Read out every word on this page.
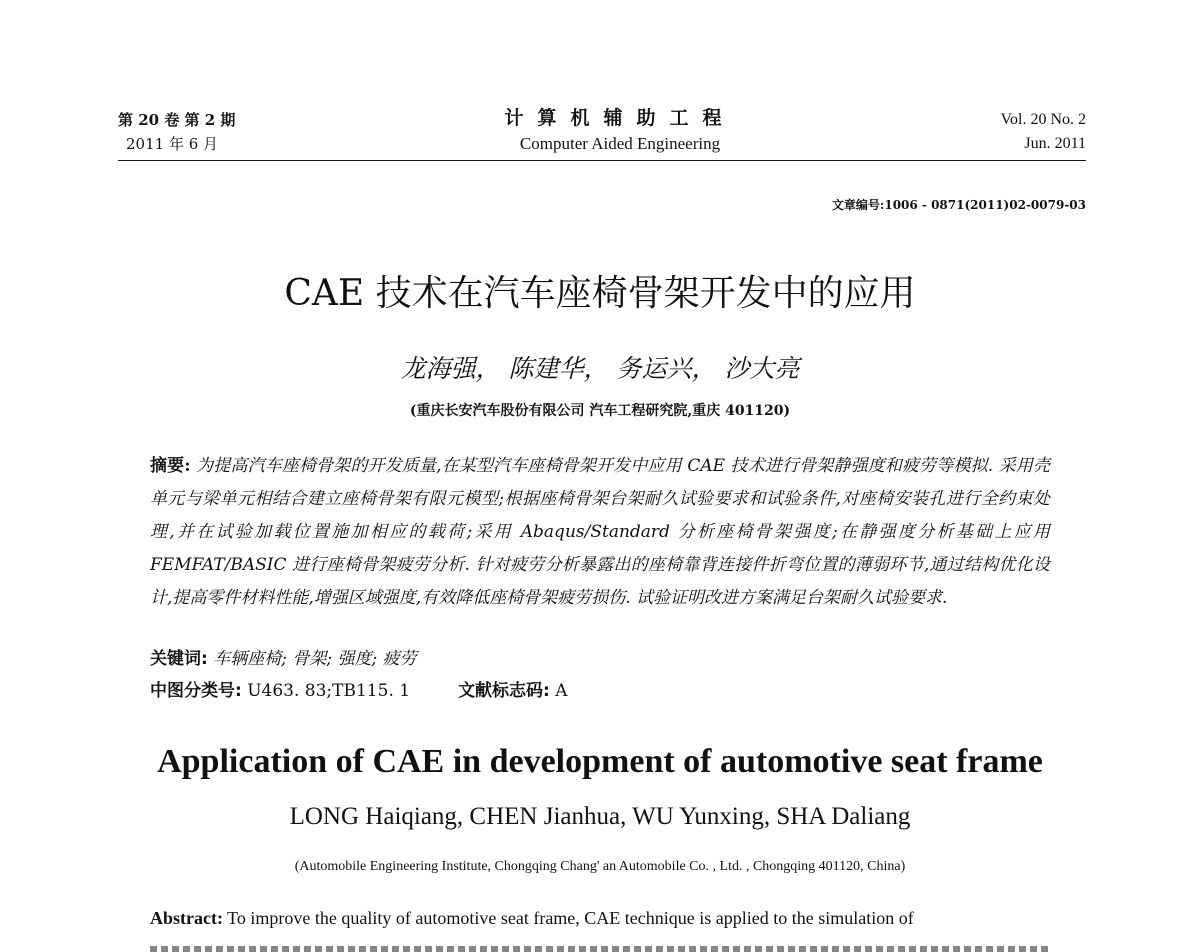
第 20 卷 第 2 期
2011 年 6 月
计算机辅助工程
Computer Aided Engineering
Vol. 20 No. 2
Jun. 2011
文章编号:1006 - 0871(2011)02-0079-03
CAE 技术在汽车座椅骨架开发中的应用
龙海强， 陈建华， 务运兴， 沙大亮
(重庆长安汽车股份有限公司 汽车工程研究院,重庆 401120)
摘要: 为提高汽车座椅骨架的开发质量,在某型汽车座椅骨架开发中应用 CAE 技术进行骨架静强度和疲劳等模拟. 采用壳单元与梁单元相结合建立座椅骨架有限元模型;根据座椅骨架台架耐久试验要求和试验条件,对座椅安装孔进行全约束处理,并在试验加载位置施加相应的载荷;采用 Abaqus/Standard 分析座椅骨架强度;在静强度分析基础上应用 FEMFAT/BASIC 进行座椅骨架疲劳分析. 针对疲劳分析暴露出的座椅靠背连接件折弯位置的薄弱环节,通过结构优化设计,提高零件材料性能,增强区域强度,有效降低座椅骨架疲劳损伤. 试验证明改进方案满足台架耐久试验要求.
关键词: 车辆座椅; 骨架; 强度; 疲劳
中图分类号: U463. 83;TB115. 1	文献标志码: A
Application of CAE in development of automotive seat frame
LONG Haiqiang, CHEN Jianhua, WU Yunxing, SHA Daliang
(Automobile Engineering Institute, Chongqing Chang' an Automobile Co. , Ltd. , Chongqing 401120, China)
Abstract: To improve the quality of automotive seat frame, CAE technique is applied to the simulation of
